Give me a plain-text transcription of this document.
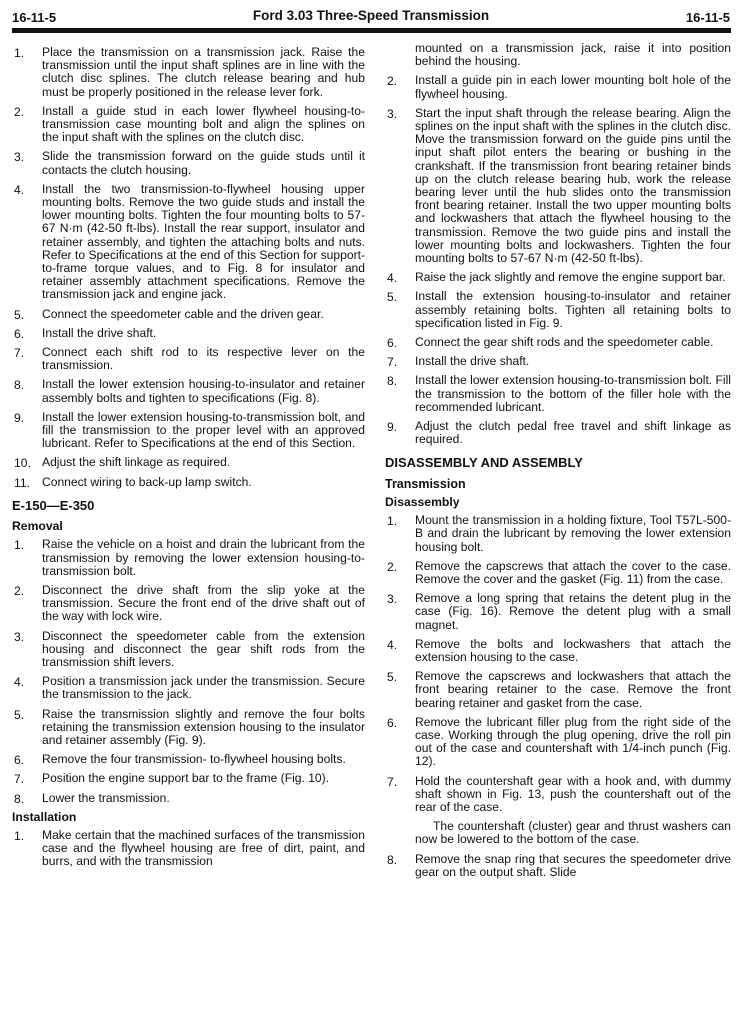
16-11-5	Ford 3.03 Three-Speed Transmission	16-11-5
1. Place the transmission on a transmission jack. Raise the transmission until the input shaft splines are in line with the clutch disc splines. The clutch release bearing and hub must be properly positioned in the release lever fork.
2. Install a guide stud in each lower flywheel housing-to-transmission case mounting bolt and align the splines on the input shaft with the splines on the clutch disc.
3. Slide the transmission forward on the guide studs until it contacts the clutch housing.
4. Install the two transmission-to-flywheel housing upper mounting bolts. Remove the two guide studs and install the lower mounting bolts. Tighten the four mounting bolts to 57-67 N·m (42-50 ft-lbs). Install the rear support, insulator and retainer assembly, and tighten the attaching bolts and nuts. Refer to Specifications at the end of this Section for support-to-frame torque values, and to Fig. 8 for insulator and retainer assembly attachment specifications. Remove the transmission jack and engine jack.
5. Connect the speedometer cable and the driven gear.
6. Install the drive shaft.
7. Connect each shift rod to its respective lever on the transmission.
8. Install the lower extension housing-to-insulator and retainer assembly bolts and tighten to specifications (Fig. 8).
9. Install the lower extension housing-to-transmission bolt, and fill the transmission to the proper level with an approved lubricant. Refer to Specifications at the end of this Section.
10. Adjust the shift linkage as required.
11. Connect wiring to back-up lamp switch.
E-150—E-350
Removal
1. Raise the vehicle on a hoist and drain the lubricant from the transmission by removing the lower extension housing-to-transmission bolt.
2. Disconnect the drive shaft from the slip yoke at the transmission. Secure the front end of the drive shaft out of the way with lock wire.
3. Disconnect the speedometer cable from the extension housing and disconnect the gear shift rods from the transmission shift levers.
4. Position a transmission jack under the transmission. Secure the transmission to the jack.
5. Raise the transmission slightly and remove the four bolts retaining the transmission extension housing to the insulator and retainer assembly (Fig. 9).
6. Remove the four transmission- to-flywheel housing bolts.
7. Position the engine support bar to the frame (Fig. 10).
8. Lower the transmission.
Installation
1. Make certain that the machined surfaces of the transmission case and the flywheel housing are free of dirt, paint, and burrs, and with the transmission

mounted on a transmission jack, raise it into position behind the housing.

2. Install a guide pin in each lower mounting bolt hole of the flywheel housing.
3. Start the input shaft through the release bearing. Align the splines on the input shaft with the splines in the clutch disc. Move the transmission forward on the guide pins until the input shaft pilot enters the bearing or bushing in the crankshaft. If the transmission front bearing retainer binds up on the clutch release bearing hub, work the release bearing lever until the hub slides onto the transmission front bearing retainer. Install the two upper mounting bolts and lockwashers that attach the flywheel housing to the transmission. Remove the two guide pins and install the lower mounting bolts and lockwashers. Tighten the four mounting bolts to 57-67 N·m (42-50 ft-lbs).
4. Raise the jack slightly and remove the engine support bar.
5. Install the extension housing-to-insulator and retainer assembly retaining bolts. Tighten all retaining bolts to specification listed in Fig. 9.
6. Connect the gear shift rods and the speedometer cable.
7. Install the drive shaft.
8. Install the lower extension housing-to-transmission bolt. Fill the transmission to the bottom of the filler hole with the recommended lubricant.
9. Adjust the clutch pedal free travel and shift linkage as required.
DISASSEMBLY AND ASSEMBLY
Transmission
Disassembly
1. Mount the transmission in a holding fixture, Tool T57L-500-B and drain the lubricant by removing the lower extension housing bolt.
2. Remove the capscrews that attach the cover to the case. Remove the cover and the gasket (Fig. 11) from the case.
3. Remove a long spring that retains the detent plug in the case (Fig. 16). Remove the detent plug with a small magnet.
4. Remove the bolts and lockwashers that attach the extension housing to the case.
5. Remove the capscrews and lockwashers that attach the front bearing retainer to the case. Remove the front bearing retainer and gasket from the case.
6. Remove the lubricant filler plug from the right side of the case. Working through the plug opening, drive the roll pin out of the case and countershaft with 1/4-inch punch (Fig. 12).
7. Hold the countershaft gear with a hook and, with dummy shaft shown in Fig. 13, push the countershaft out of the rear of the case.

The countershaft (cluster) gear and thrust washers can now be lowered to the bottom of the case.

8. Remove the snap ring that secures the speedometer drive gear on the output shaft. Slide
